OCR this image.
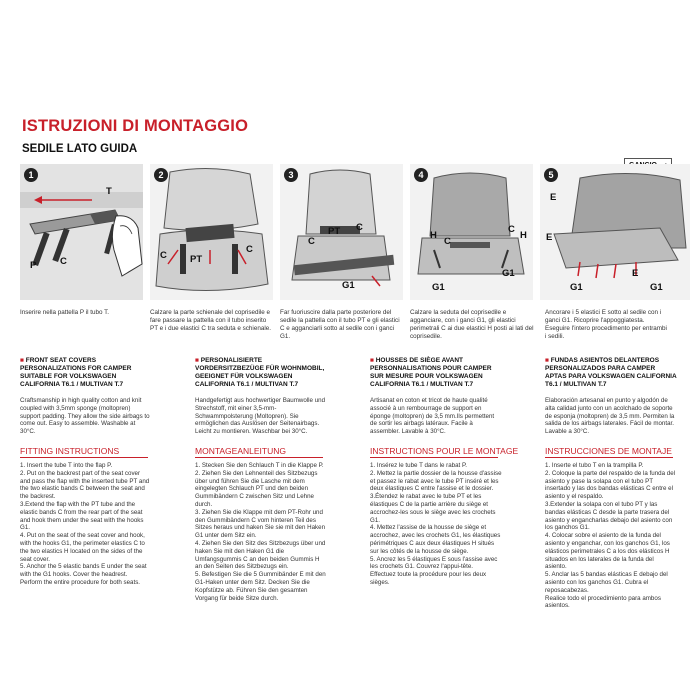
ISTRUZIONI DI MONTAGGIO
SEDILE LATO GUIDA
1
T
P C
2
C PT
C
3
C
PT C
G1
4
H
C
C
H
G1
G1
5
E
E
E
G1	G1
Inserire nella pattella P il tubo T.	Calzare la parte schienale del coprisedile e fare passare la pattella con il tubo inserito PT e i due elastici C tra seduta e schienale.
Far fuoriuscire dalla parte posteriore del sedile la pattella con il tubo PT e gli elastici C e agganciarli sotto al sedile con i ganci G1.
Calzare la seduta del coprisedile e agganciare, con i ganci G1, gli elastici perimetrali C ai due elastici H posti ai lati del coprisedile.
Ancorare i 5 elastici E sotto al sedile con i ganci G1. Ricoprire l'appoggiatesta. Eseguire l'intero procedimento per entrambi i sedili.
■ FRONT SEAT COVERS PERSONALIZATIONS FOR CAMPER SUITABLE FOR VOLKSWAGEN CALIFORNIA T6.1 / MULTIVAN T.7
Craftsmanship in high quality cotton and knit coupled with 3,5mm sponge (moltopren) support padding. They allow the side airbags to come out. Easy to assemble. Washable at 30°C.
FITTING INSTRUCTIONS

1. Insert the tube T into the flap P.

2. Put on the backrest part of the seat cover and pass the flap with the inserted tube PT and the two elastic bands C between the seat and the backrest.

3.Extend the flap with the PT tube and the elastic bands C from the rear part of the seat and hook them under the seat with the hooks G1.

4. Put on the seat of the seat cover and hook, with the hooks G1, the perimeter elastics C to the two elastics H located on the sides of the seat cover.

5. Anchor the 5 elastic bands E under the seat with the G1 hooks. Cover the headrest.

Perform the entire procedure for both seats.

■ PERSONALISIERTE VORDERSITZBEZÜGE FÜR WOHNMOBIL, GEEIGNET FÜR VOLKSWAGEN CALIFORNIA T6.1 / MULTIVAN T.7
Handgefertigt aus hochwertiger Baumwolle und Strechstoff, mit einer 3,5-mm-Schwammpolsterung (Moltopren). Sie ermöglichen das Auslösen der Seitenairbags. Leicht zu montieren. Waschbar bei 30°C.
MONTAGEANLEITUNG

1. Stecken Sie den Schlauch T in die Klappe P.

2. Ziehen Sie den Lehnenteil des Sitzbezugs über und führen Sie die Lasche mit dem eingelegten Schlauch PT und den beiden Gummibändern C zwischen Sitz und Lehne durch.

3. Ziehen Sie die Klappe mit dem PT-Rohr und den Gummibändern C vom hinteren Teil des Sitzes heraus und haken Sie sie mit den Haken G1 unter dem Sitz ein.

4. Ziehen Sie den Sitz des Sitzbezugs über und haken Sie mit den Haken G1 die Umfangsgummis C an den beiden Gummis H an den Seiten des Sitzbezugs ein.

5. Befestigen Sie die 5 Gummibänder E mit den G1-Haken unter dem Sitz. Decken Sie die Kopfstütze ab. Führen Sie den gesamten Vorgang für beide Sitze durch.

■ HOUSSES DE SIÈGE AVANT PERSONNALISATIONS POUR CAMPER SUR MESURE POUR VOLKSWAGEN CALIFORNIA T6.1 / MULTIVAN T.7
Artisanat en coton et tricot de haute qualité associé à un rembourrage de support en éponge (moltopren) de 3,5 mm.Ils permettent de sortir les airbags latéraux. Facile à assembler. Lavable à 30°C.
INSTRUCTIONS POUR LE MONTAGE

1. Insérez le tube T dans le rabat P.

2. Mettez la partie dossier de la housse d'assise et passez le rabat avec le tube PT inséré et les deux élastiques C entre l'assise et le dossier.

3.Étendez le rabat avec le tube PT et les élastiques C de la partie arrière du siège et accrochez-les sous le siège avec les crochets G1.

4. Mettez l'assise de la housse de siège et accrochez, avec les crochets G1, les élastiques périmétriques C aux deux élastiques H situés sur les côtés de la housse de siège.

5. Ancrez les 5 élastiques E sous l'assise avec les crochets G1. Couvrez l'appui-tête.

Effectuez toute la procédure pour les deux sièges.

■ FUNDAS ASIENTOS DELANTEROS PERSONALIZADOS PARA CAMPER APTAS PARA VOLKSWAGEN CALIFORNIA T6.1 / MULTIVAN T.7
Elaboración artesanal en punto y algodón de alta calidad junto con un acolchado de soporte de esponja (moltopren) de 3,5 mm. Permiten la salida de los airbags laterales. Fácil de montar. Lavable a 30°C.
INSTRUCCIONES DE MONTAJE

1. Inserte el tubo T en la trampilla P.

2. Coloque la parte del respaldo de la funda del asiento y pase la solapa con el tubo PT insertado y las dos bandas elásticas C entre el asiento y el respaldo.

3.Extender la solapa con el tubo PT y las bandas elásticas C desde la parte trasera del asiento y engancharlas debajo del asiento con los ganchos G1.

4. Colocar sobre el asiento de la funda del asiento y enganchar, con los ganchos G1, los elásticos perimetrales C a los dos elásticos H situados en los laterales de la funda del asiento.

5. Anclar las 5 bandas elásticas E debajo del asiento con los ganchos G1. Cubra el reposacabezas.

Realice todo el procedimiento para ambos asientos.
